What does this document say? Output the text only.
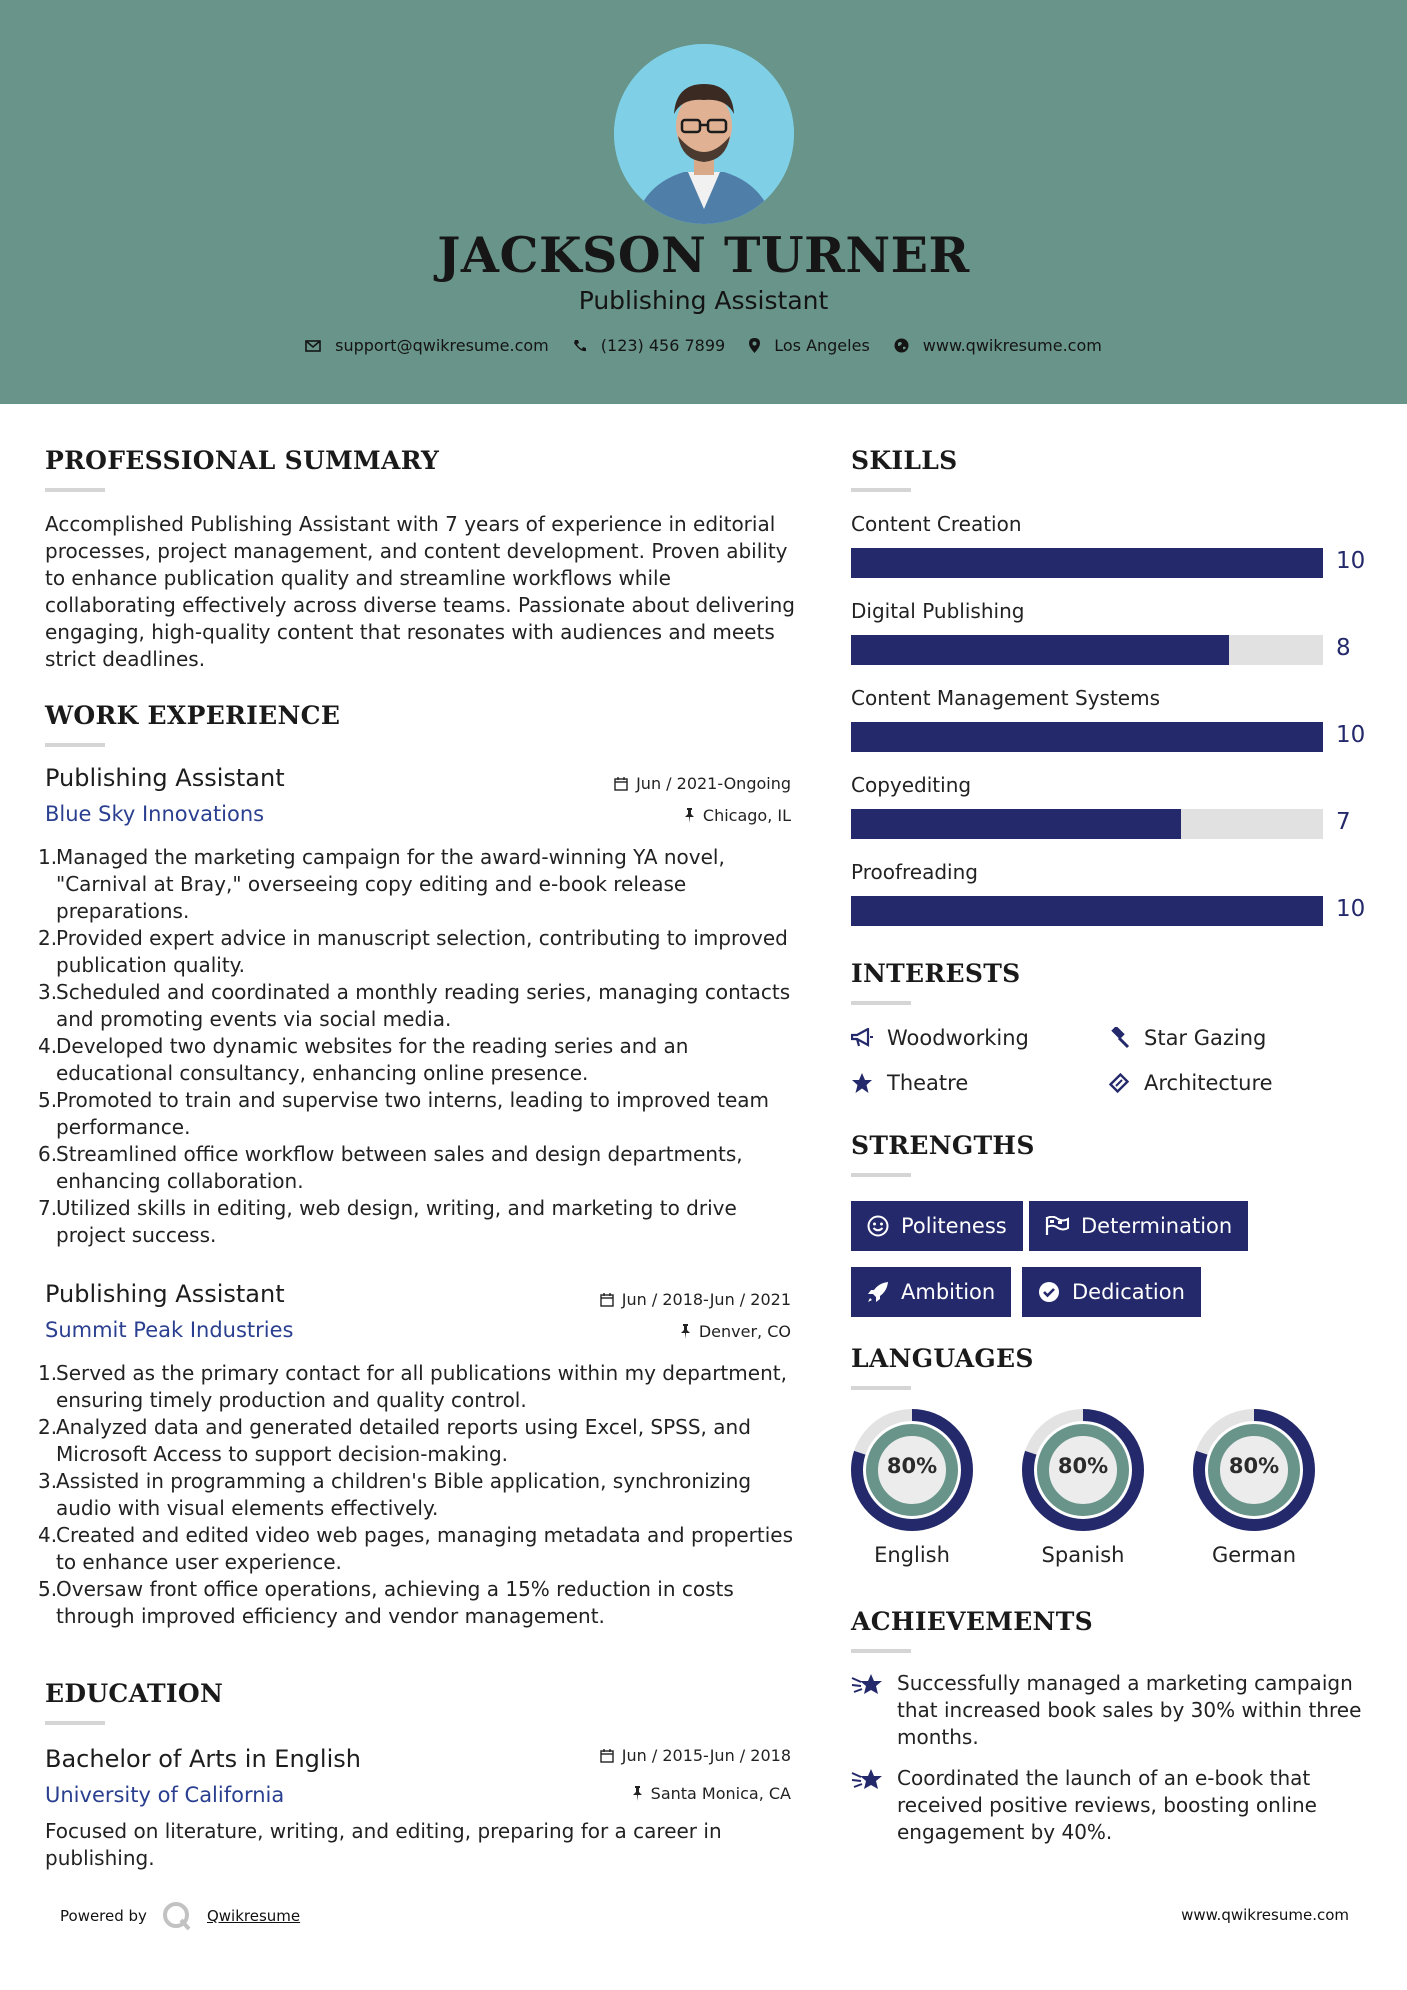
JACKSON TURNER
Publishing Assistant
support@qwikresume.com	(123) 456 7899	Los Angeles	www.qwikresume.com
PROFESSIONAL SUMMARY
Accomplished Publishing Assistant with 7 years of experience in editorial processes, project management, and content development. Proven ability to enhance publication quality and streamline workflows while collaborating effectively across diverse teams. Passionate about delivering engaging, high-quality content that resonates with audiences and meets strict deadlines.
WORK EXPERIENCE
Publishing Assistant	Jun / 2021-Ongoing
Blue Sky Innovations	Chicago, IL
1.
Managed the marketing campaign for the award-winning YA novel, "Carnival at Bray," overseeing copy editing and e-book release preparations.
2.
Provided expert advice in manuscript selection, contributing to improved publication quality.
3.
Scheduled and coordinated a monthly reading series, managing contacts and promoting events via social media.
4.
Developed two dynamic websites for the reading series and an educational consultancy, enhancing online presence.
5.
Promoted to train and supervise two interns, leading to improved team performance.
6.
Streamlined office workflow between sales and design departments, enhancing collaboration.
7.
Utilized skills in editing, web design, writing, and marketing to drive project success.
Publishing Assistant	Jun / 2018-Jun / 2021
Summit Peak Industries	Denver, CO
1.
Served as the primary contact for all publications within my department, ensuring timely production and quality control.
2.
Analyzed data and generated detailed reports using Excel, SPSS, and Microsoft Access to support decision-making.
3.
Assisted in programming a children's Bible application, synchronizing audio with visual elements effectively.
4.
Created and edited video web pages, managing metadata and properties to enhance user experience.
5.
Oversaw front office operations, achieving a 15% reduction in costs through improved efficiency and vendor management.
EDUCATION
Bachelor of Arts in English	Jun / 2015-Jun / 2018
University of California	Santa Monica, CA
Focused on literature, writing, and editing, preparing for a career in publishing.
SKILLS
Content Creation
10
Digital Publishing
8
Content Management Systems
10
Copyediting
7
Proofreading
10
INTERESTS
Woodworking	Star Gazing
Theatre	Architecture
STRENGTHS
Politeness	Determination
Ambition	Dedication
LANGUAGES
80%
English
80%
Spanish
80%
German
ACHIEVEMENTS
Successfully managed a marketing campaign that increased book sales by 30% within three months.
Coordinated the launch of an e-book that received positive reviews, boosting online engagement by 40%.
Powered by	Qwikresume	www.qwikresume.com
